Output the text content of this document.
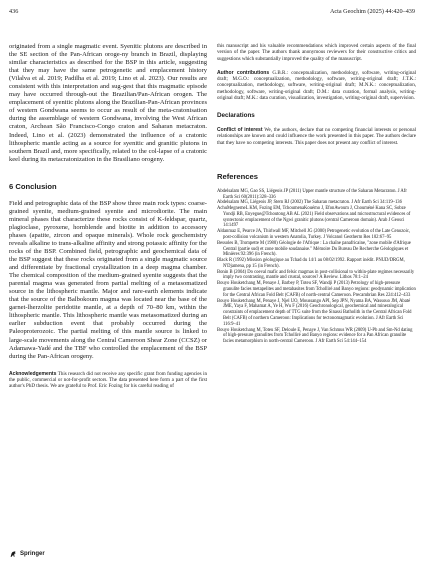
436	Acta Geochim (2025) 44:420–439

originated from a single magmatic event. Syenitic plutons are described in the SE section of the Pan-African oroge-ny branch in Brazil, displaying similar characteristics as described for the BSP in this article, suggesting that they may have the same petrogenetic and emplacement history (Vilalva et al. 2019; Padilha et al. 2019; Lino et al. 2023). Our results are consistent with this interpretation and sug-gest that this magmatic episode may have occurred through-out the Brazilian/Pan-African orogen. The emplacement of syenitic plutons along the Brazilian-Pan-African provinces of western Gondwana seems to occur as result of the meta-cratonisation during the assemblage of western Gondwana, involving the West African craton, Archean São Francisco-Congo craton and Saharan metacraton. Indeed, Lino et al. (2023) demonstrated the influence of a cratonic lithospheric mantle acting as a source for syenitic and granitic plutons in southern Brazil and, more specifically, related to the col-lapse of a cratonic keel during its metacratonization in the Brasiliano orogeny.

6 Conclusion

Field and petrographic data of the BSP show three main rock types: coarse-grained syenite, medium-grained syenite and microdiorite. The main mineral phases that characterize these rocks consist of K-feldspar, quartz, plagioclase, pyroxene, hornblende and biotite in addition to accessory phases (apatite, zircon and opaque minerals). Whole rock geochemistry reveals alkaline to trans-alkaline affinity and strong potassic affinity for the rocks of the BSP. Combined field, petrographic and geochemical data of the BSP suggest that these rocks originated from a single magmatic source and differentiate by fractional crystallization in a deep magma chamber. The chemical composition of the medium-grained syenite suggests that the parental magma was generated from partial melting of a metasomatized source in the lithospheric mantle. Major and rare-earth elements indicate that the source of the Balbokoum magma was located near the base of the garnet-lherzolite peridotite mantle, at a depth of 70–80 km, within the lithospheric mantle. This lithospheric mantle was metasomatized during an earlier subduction event that probably occurred during the Paleoproterozoic. The partial melting of this mantle source is linked to large-scale movements along the Central Cameroon Shear Zone (CCSZ) or Adamawa-Yadé and the TBF who controlled the emplacement of the BSP during the Pan-African orogeny.

Acknowledgements This research did not receive any specific grant from funding agencies in the public, commercial or not-for-profit sectors. The data presented here form a part of the first author's PhD thesis. We are grateful to Prof. Eric Fozing for his careful reading of

this manuscript and his valuable recommendations which improved certain aspects of the final version of the paper. The authors thank anonymous reviewers for their constructive critics and suggestions which substantially improved the quality of the manuscript.

Author contributions G.B.R.: conceptualization, methodology, software, writing-original draft; M.G.O.: conceptualization, methodology, software, writing-original draft; J.T.K.: conceptualization, methodology, software, writing-original draft; M.N.K.: conceptualization, methodology, software, writing-original draft; D.M.: data curation, formal analysis, writing-original draft; M.K.: data curation, visualization, investigation, writing-original draft, supervision.

Declarations

Conflict of interest We, the authors, declare that no competing financial interests or personal relationships are known and could influence the work presented in this paper. The authors declare that they have no competing interests. This paper does not present any conflict of interest.

References

Abdelsalam MG, Gao SS, Liégeois JP (2011) Upper mantle structure of the Saharan Metacraton. J Afr Earth Sci 60(2011):328–336

Abdelsalam MG, Liégeois JP, Stern RJ (2002) The Saharan metacraton. J Afr Earth Sci 34:119–136

AchuMegnemeL KM, Fozing EM, TchoumenaKouémo J, EfonAwoum J, Chouméné Kana SC, Sobze Yondji RB, Enyegue@Tchoutong AB AL (2021) Field observations and microstructural evidences of syntectonic emplacement of the Ngwi granitic plutons (central Cameroon domain). Arab J Geosci 14:1497

Aldanmaz E, Pearce JA, Thirlwall MF, Mitchell JG (2000) Petrogenetic evolution of the Late Cenozoic, post-collision volcanism in western Anatolia, Turkey. J Volcanol Geotherm Res 102:67–95

Bessoles B, Trompette M (1980) Géologie de l'Afrique : La chaîne panafricaine, "zone mobile d'Afrique Central (partie sud) et zone mobile soudanaise." Mémoire Du Bureau De Recherche Géologiques et Minières 92:396 (in French).

Black R (1992) Mission géologique au Tchad du 14/1 au 08/02/1992. Rapport inédit. PNUD/DRGM, N'Djamena, pp 15 (in French).

Bonin B (2004) Do coeval mafic and felsic magmas in post-collisional to within-plate regimes necessarily imply two contrasting, mantle and crustal, sources? A Review. Lithos 78:1–24

Bouyo Houketchang M, Penaye J, Barbey P, Toteu SF, Wandji P (2013) Petrology of high-pressure granulite facies metapelites and metabasites from Tcholliré and Banyo regions: geodynamic implication for the Central African Fold Belt (CAFB) of north-central Cameroon. Precambrian Res 224:412–433

Bouyo Houketchang M, Penaye J, Njel UO, Moussango API, Sep JPN, Nyama BA, Wassouo JM, Abaté JME, Yaya F, Mahamat A, Ye H, Wu F (2016) Geochronological, geochemical and mineralogical constraints of emplacement depth of TTG suite from the Sinassi Batholith in the Central African Fold Belt (CAFB) of northern Cameroon: Implications for tectonomagmatic evolution. J Afr Earth Sci 116:9–41

Bouyo Houketchang M, Toteu SF, Deloule E, Penaye J, Van Schmus WR (2009) U-Pb and Sm-Nd dating of high-pressure granulites from Tcholliré and Banyo regions: evidence for a Pan African granulite facies metamorphism in north-central Cameroon. J Afr Earth Sci 54:144–154

Springer
